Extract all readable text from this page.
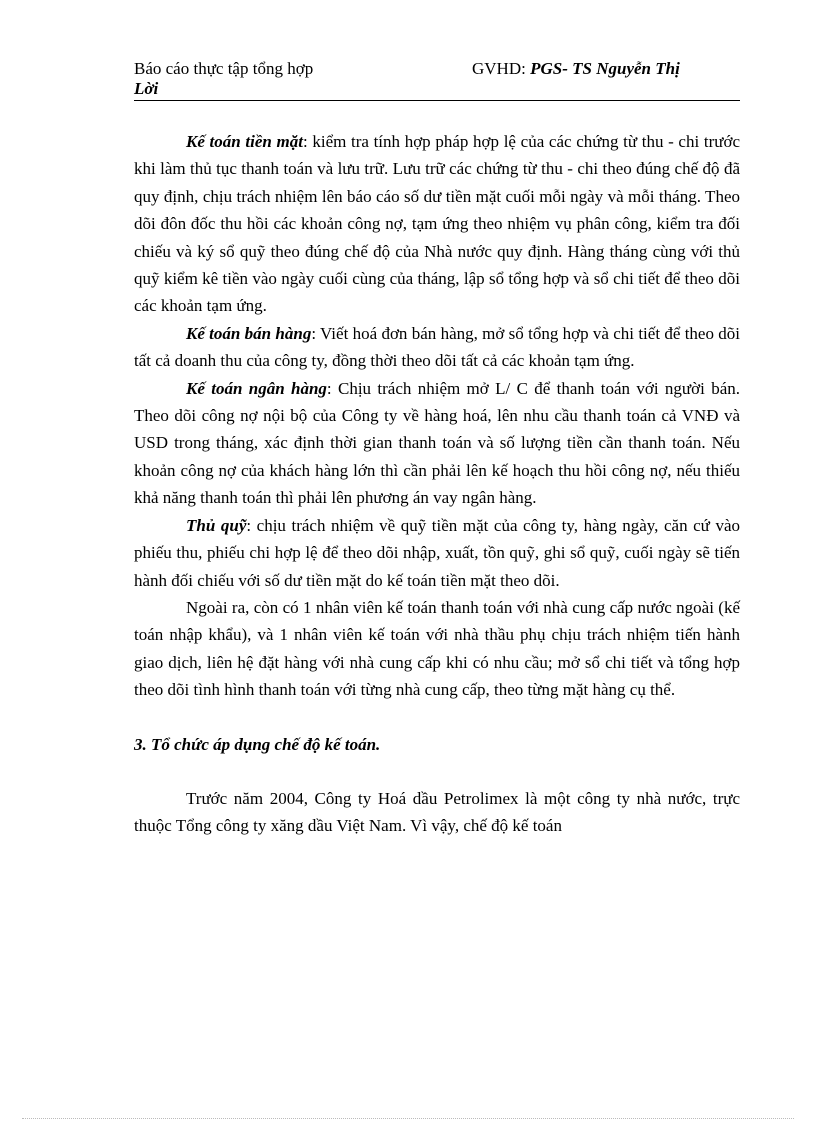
Báo cáo thực tập tổng hợp	GVHD: PGS- TS Nguyễn Thị
Lời

Kế toán tiền mặt: kiểm tra tính hợp pháp hợp lệ của các chứng từ thu - chi trước khi làm thủ tục thanh toán và lưu trữ. Lưu trữ các chứng từ thu - chi theo đúng chế độ đã quy định, chịu trách nhiệm lên báo cáo số dư tiền mặt cuối mỗi ngày và mỗi tháng. Theo dõi đôn đốc thu hồi các khoản công nợ, tạm ứng theo nhiệm vụ phân công, kiểm tra đối chiếu và ký sổ quỹ theo đúng chế độ của Nhà nước quy định. Hàng tháng cùng với thủ quỹ kiểm kê tiền vào ngày cuối cùng của tháng, lập sổ tổng hợp và sổ chi tiết để theo dõi các khoản tạm ứng.

Kế toán bán hàng: Viết hoá đơn bán hàng, mở sổ tổng hợp và chi tiết để theo dõi tất cả doanh thu của công ty, đồng thời theo dõi tất cả các khoản tạm ứng.

Kế toán ngân hàng: Chịu trách nhiệm mở L/ C để thanh toán với người bán. Theo dõi công nợ nội bộ của Công ty về hàng hoá, lên nhu cầu thanh toán cả VNĐ và USD trong tháng, xác định thời gian thanh toán và số lượng tiền cần thanh toán. Nếu khoản công nợ của khách hàng lớn thì cần phải lên kế hoạch thu hồi công nợ, nếu thiếu khả năng thanh toán thì phải lên phương án vay ngân hàng.

Thủ quỹ: chịu trách nhiệm về quỹ tiền mặt của công ty, hàng ngày, căn cứ vào phiếu thu, phiếu chi hợp lệ để theo dõi nhập, xuất, tồn quỹ, ghi sổ quỹ, cuối ngày sẽ tiến hành đối chiếu với số dư tiền mặt do kế toán tiền mặt theo dõi.

Ngoài ra, còn có 1 nhân viên kế toán thanh toán với nhà cung cấp nước ngoài (kế toán nhập khẩu), và 1 nhân viên kế toán với nhà thầu phụ chịu trách nhiệm tiến hành giao dịch, liên hệ đặt hàng với nhà cung cấp khi có nhu cầu; mở sổ chi tiết và tổng hợp theo dõi tình hình thanh toán với từng nhà cung cấp, theo từng mặt hàng cụ thể.

3. Tổ chức áp dụng chế độ kế toán.

Trước năm 2004, Công ty Hoá dầu Petrolimex là một công ty nhà nước, trực thuộc Tổng công ty xăng dầu Việt Nam. Vì vậy, chế độ kế toán
